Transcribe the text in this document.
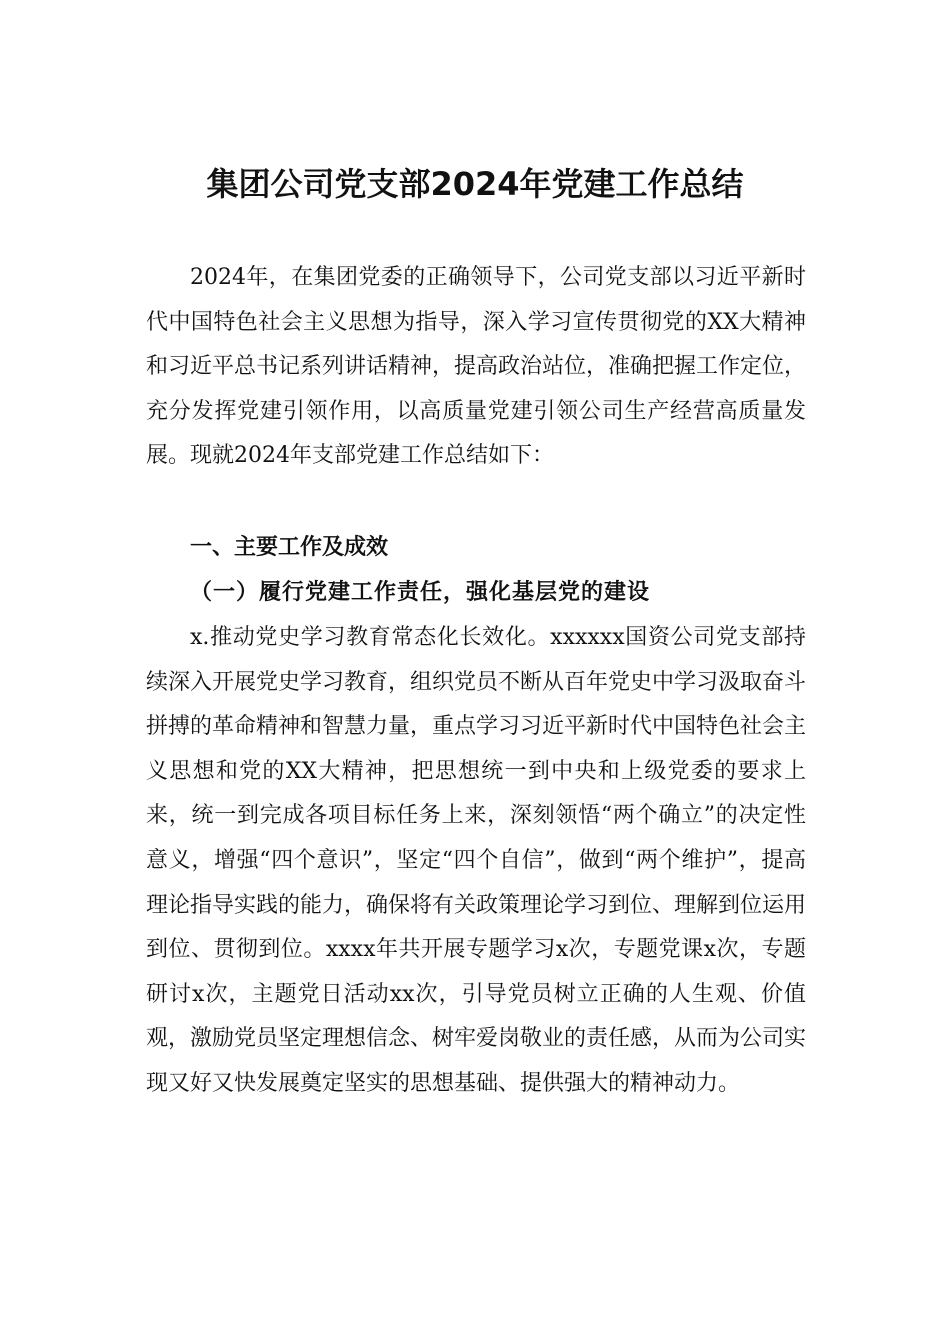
集团公司党支部2024年党建工作总结

2024年，在集团党委的正确领导下，公司党支部以习近平新时代中国特色社会主义思想为指导，深入学习宣传贯彻党的XX大精神和习近平总书记系列讲话精神，提高政治站位，准确把握工作定位，充分发挥党建引领作用，以高质量党建引领公司生产经营高质量发展。现就2024年支部党建工作总结如下：

一、主要工作及成效
（一）履行党建工作责任，强化基层党的建设

x.推动党史学习教育常态化长效化。xxxxxx国资公司党支部持续深入开展党史学习教育，组织党员不断从百年党史中学习汲取奋斗拼搏的革命精神和智慧力量，重点学习习近平新时代中国特色社会主义思想和党的XX大精神，把思想统一到中央和上级党委的要求上来，统一到完成各项目标任务上来，深刻领悟“两个确立”的决定性意义，增强“四个意识”，坚定“四个自信”，做到“两个维护”，提高理论指导实践的能力，确保将有关政策理论学习到位、理解到位运用到位、贯彻到位。xxxx年共开展专题学习x次，专题党课x次，专题研讨x次，主题党日活动xx次，引导党员树立正确的人生观、价值观，激励党员坚定理想信念、树牢爱岗敬业的责任感，从而为公司实现又好又快发展奠定坚实的思想基础、提供强大的精神动力。
